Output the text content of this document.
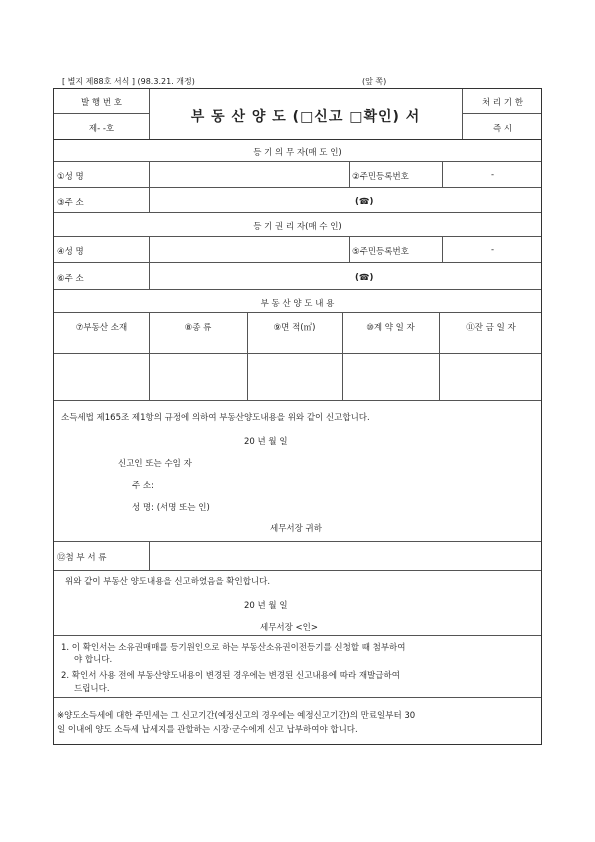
[ 별지 제88호 서식 ] (98.3.21. 개정)	(앞 쪽)
발 행 번 호
제- -호
부 동 산 양 도 (□신고 □확인) 서
처 리 기 한
즉 시
등 기 의 무 자(매 도 인)
①성 명	②주민등록번호	-
③주 소	(☎)
등 기 권 리 자(매 수 인)
④성 명	⑤주민등록번호	-
⑥주 소	(☎)
부 동 산 양 도 내 용
⑦부동산 소재	⑧종 류	⑨면 적(㎡)	⑩계 약 일 자	⑪잔 금 일 자
소득세법 제165조 제1항의 규정에 의하여 부동산양도내용을 위와 같이 신고합니다.
20 년 월 일
신고인 또는 수임 자
주 소:
성 명: (서명 또는 인)
세무서장 귀하
⑫첨 부 서 류
위와 같이 부동산 양도내용을 신고하였음을 확인합니다.
20 년 월 일
세무서장 <인>
1. 이 확인서는 소유권매매를 등기원인으로 하는 부동산소유권이전등기를 신청할 때 첨부하여
야 합니다.
2. 확인서 사용 전에 부동산양도내용이 변경된 경우에는 변경된 신고내용에 따라 재발급하여
드립니다.
※양도소득세에 대한 주민세는 그 신고기간(예정신고의 경우에는 예정신고기간)의 만료일부터 30
일 이내에 양도 소득세 납세지를 관할하는 시장·군수에게 신고 납부하여야 합니다.
